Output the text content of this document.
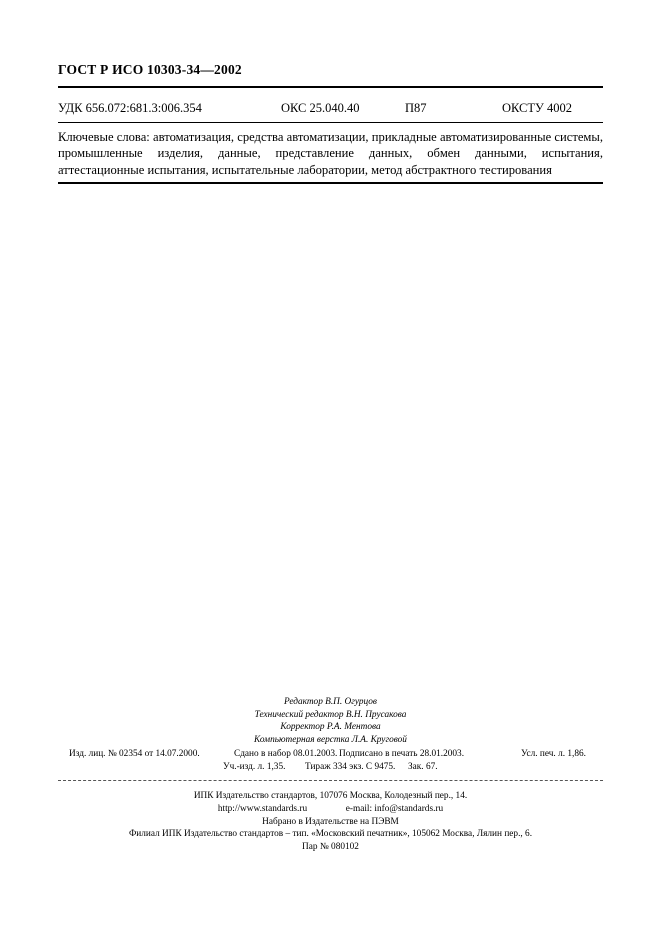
ГОСТ Р ИСО 10303-34—2002
УДК 656.072:681.3:006.354	ОКС 25.040.40	П87	ОКСТУ 4002
Ключевые слова: автоматизация, средства автоматизации, прикладные автоматизированные системы, промышленные изделия, данные, представление данных, обмен данными, испытания, аттестационные испытания, испытательные лаборатории, метод абстрактного тестирования
Редактор В.П. Огурцов
Технический редактор В.Н. Прусакова
Корректор Р.А. Ментова
Компьютерная верстка Л.А. Круговой
Изд. лиц. № 02354 от 14.07.2000.	Сдано в набор 08.01.2003. Подписано в печать 28.01.2003.	Усл. печ. л. 1,86.
Уч.-изд. л. 1,35. Тираж 334 экз. С 9475. Зак. 67.
ИПК Издательство стандартов, 107076 Москва, Колодезный пер., 14.
http://www.standards.ru	e-mail: info@standards.ru
Набрано в Издательстве на ПЭВМ
Филиал ИПК Издательство стандартов – тип. «Московский печатник», 105062 Москва, Лялин пер., 6.
Пар № 080102
